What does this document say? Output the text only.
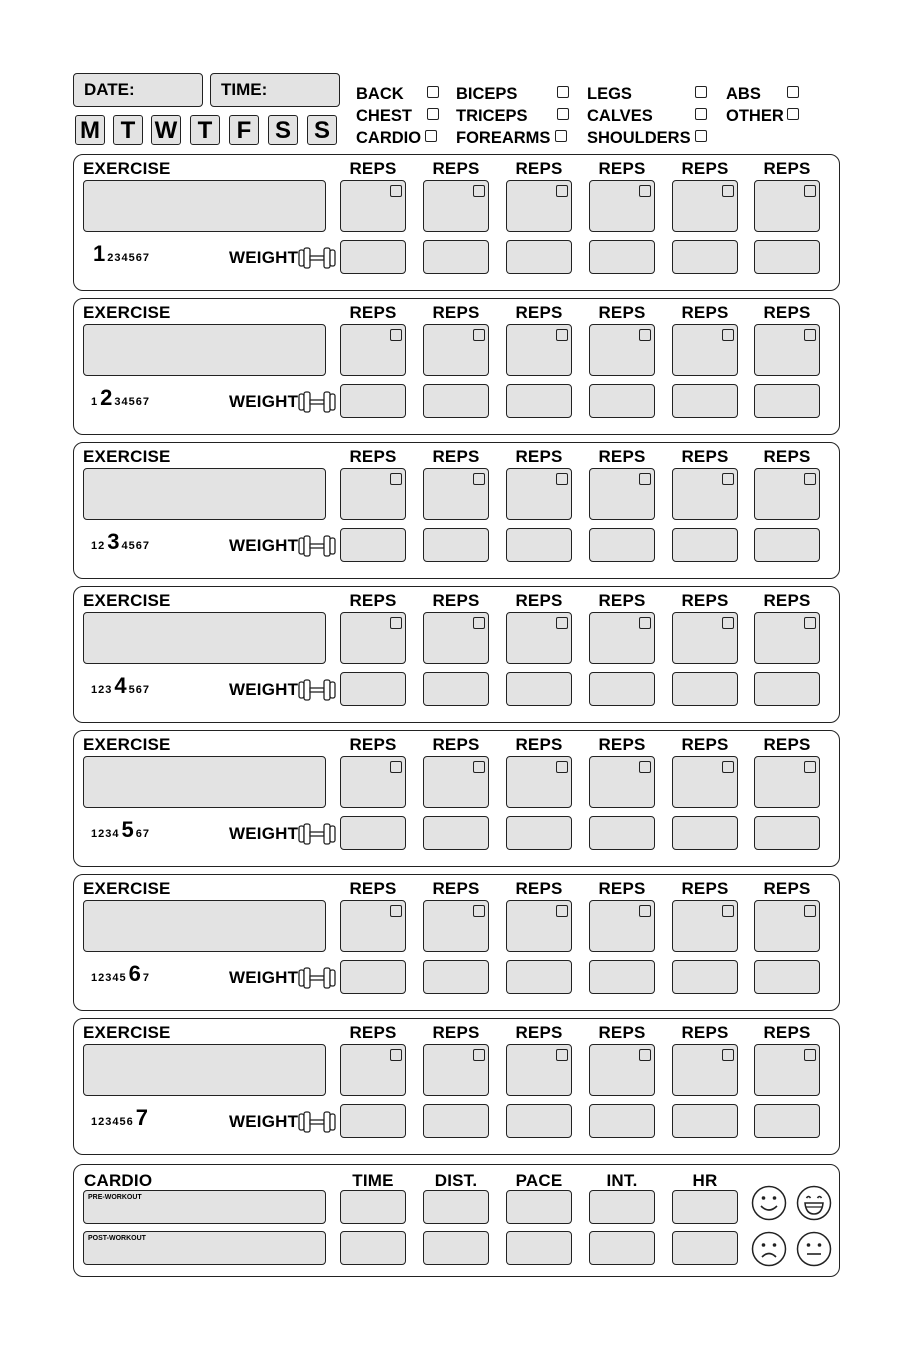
DATE:	TIME:
M T W T	F S S
BACK	BICEPS	LEGS	ABS
CHEST	TRICEPS	CALVES	OTHER
CARDIO FOREARMS SHOULDERS
EXERCISE	REPS	REPS	REPS	REPS	REPS	REPS
WEIGHT
1 234567
EXERCISE	REPS	REPS	REPS	REPS	REPS	REPS
WEIGHT
1 2 34567
EXERCISE	REPS	REPS	REPS	REPS	REPS	REPS
WEIGHT
12 3 4567
EXERCISE	REPS	REPS	REPS	REPS	REPS	REPS
WEIGHT
123 4 567
EXERCISE	REPS	REPS	REPS	REPS	REPS	REPS
WEIGHT
1234 5 67
EXERCISE	REPS	REPS	REPS	REPS	REPS	REPS
WEIGHT
12345 6 7
EXERCISE	REPS	REPS	REPS	REPS	REPS	REPS
WEIGHT
123456 7
CARDIO	TIME	DIST.	PACE	INT.	HR
PRE-WORKOUT
POST-WORKOUT
